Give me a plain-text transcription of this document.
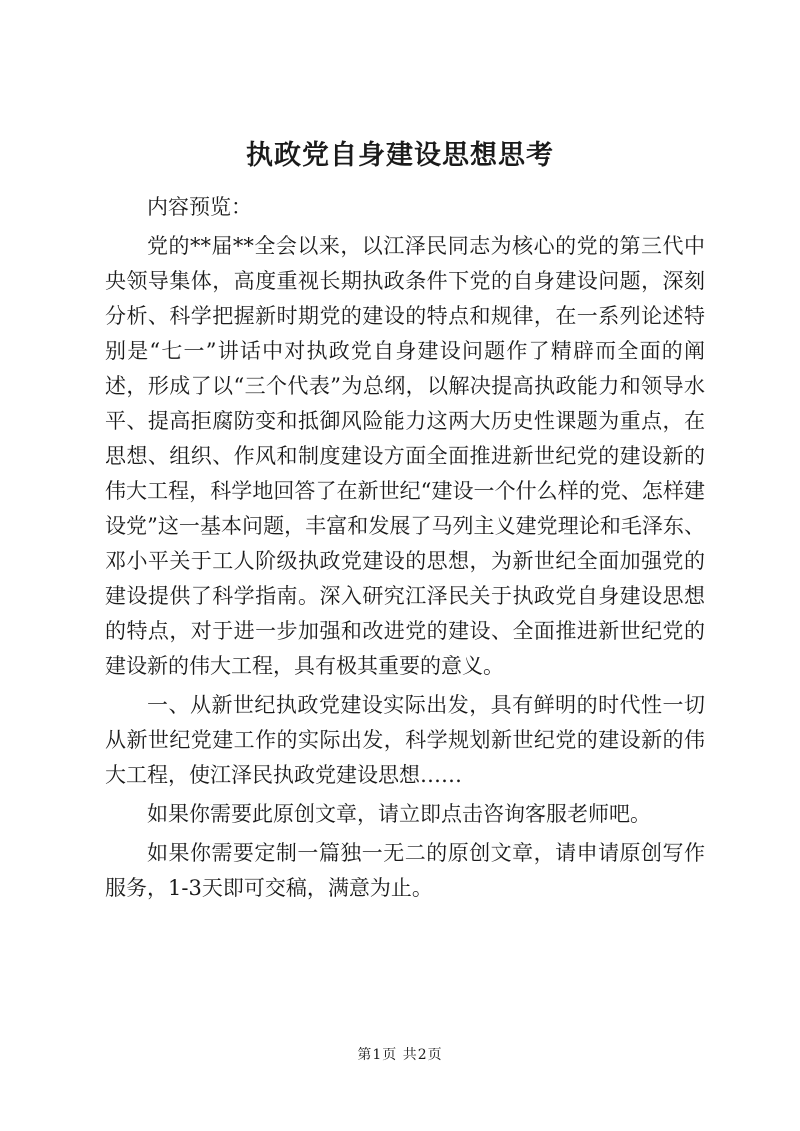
执政党自身建设思想思考

内容预览：

党的**届**全会以来，以江泽民同志为核心的党的第三代中央领导集体，高度重视长期执政条件下党的自身建设问题，深刻分析、科学把握新时期党的建设的特点和规律，在一系列论述特别是“七一”讲话中对执政党自身建设问题作了精辟而全面的阐述，形成了以“三个代表”为总纲，以解决提高执政能力和领导水平、提高拒腐防变和抵御风险能力这两大历史性课题为重点，在思想、组织、作风和制度建设方面全面推进新世纪党的建设新的伟大工程，科学地回答了在新世纪“建设一个什么样的党、怎样建设党”这一基本问题，丰富和发展了马列主义建党理论和毛泽东、邓小平关于工人阶级执政党建设的思想，为新世纪全面加强党的建设提供了科学指南。深入研究江泽民关于执政党自身建设思想的特点，对于进一步加强和改进党的建设、全面推进新世纪党的建设新的伟大工程，具有极其重要的意义。

一、从新世纪执政党建设实际出发，具有鲜明的时代性一切从新世纪党建工作的实际出发，科学规划新世纪党的建设新的伟大工程，使江泽民执政党建设思想……

如果你需要此原创文章，请立即点击咨询客服老师吧。

如果你需要定制一篇独一无二的原创文章，请申请原创写作服务，1-3天即可交稿，满意为止。

第1页 共2页
